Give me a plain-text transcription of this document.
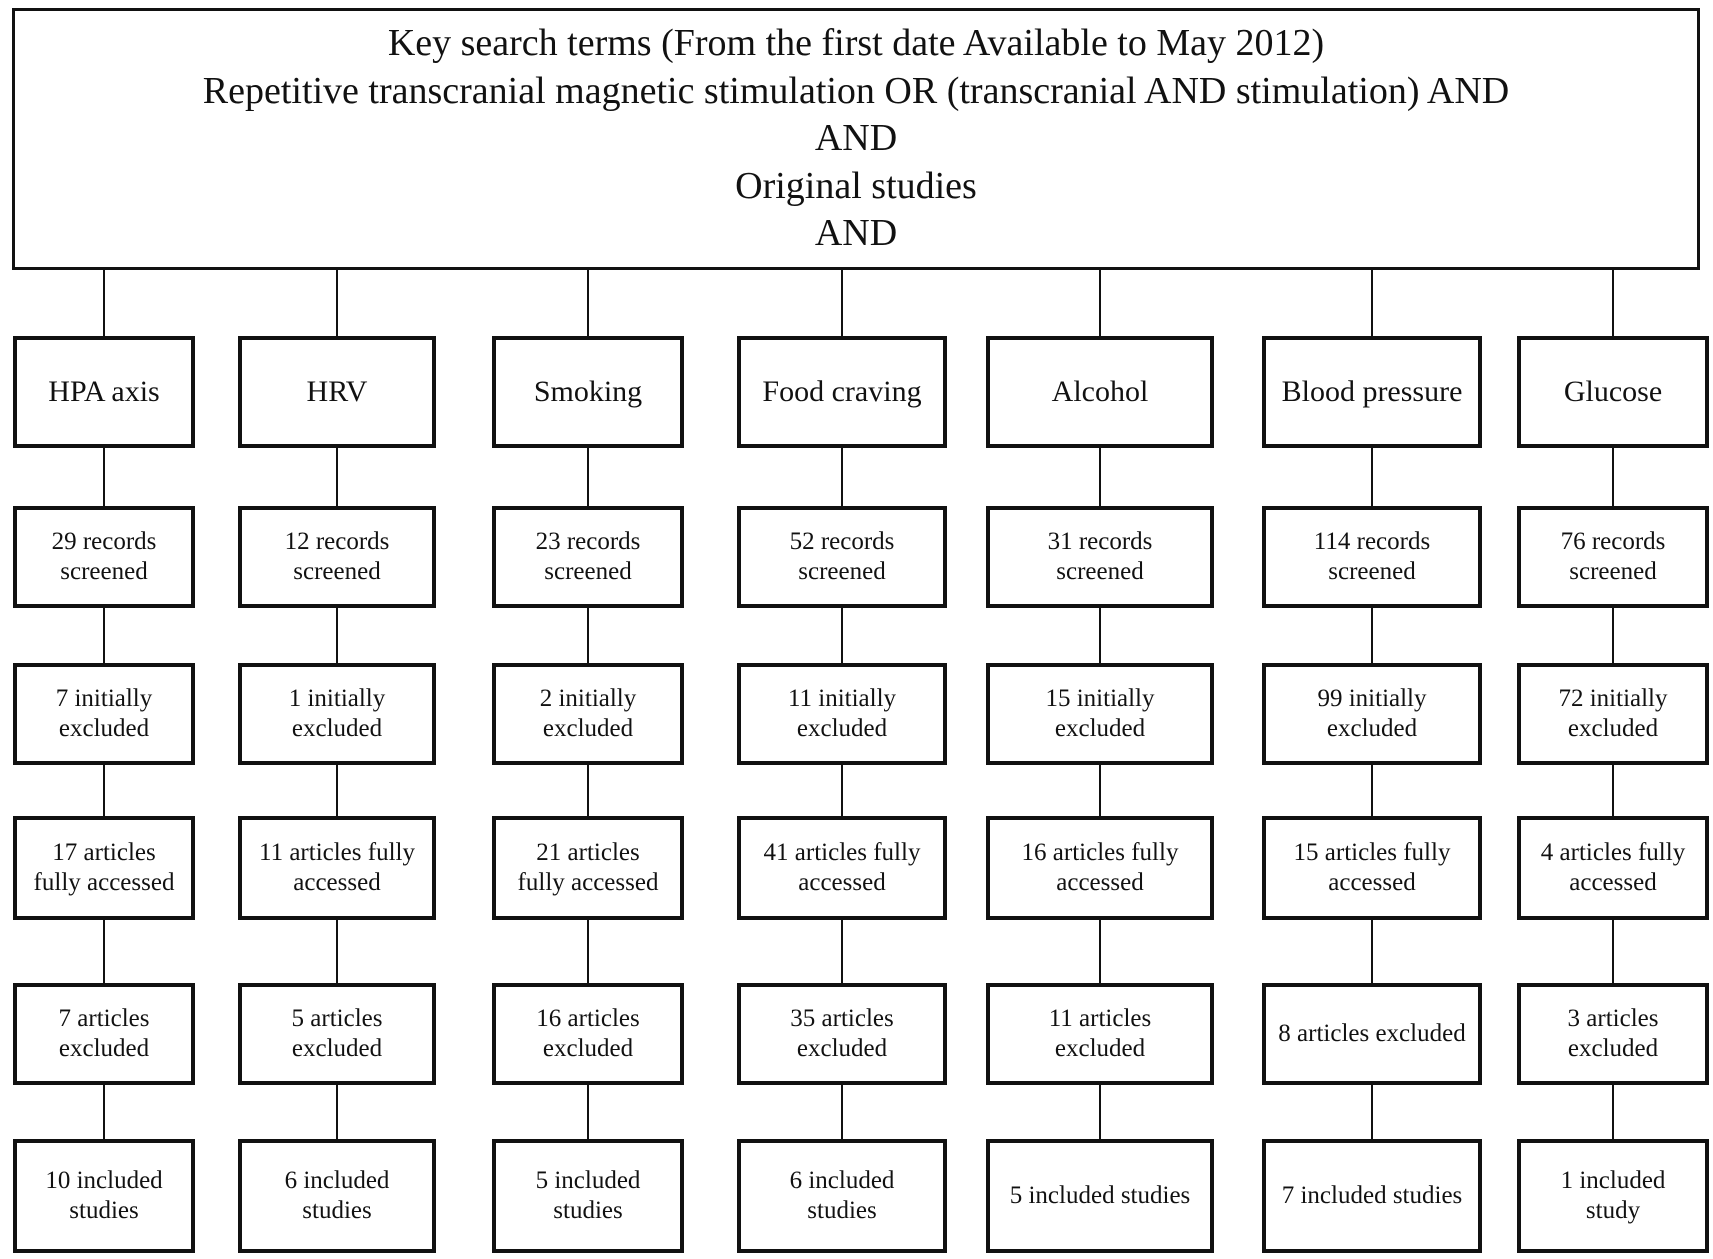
Key search terms (From the first date Available to May 2012)
Repetitive transcranial magnetic stimulation OR (transcranial AND stimulation) AND
AND
Original studies
AND
HPA axis
29 records
screened
7 initially
excluded
17 articles
fully accessed
7 articles
excluded
10 included
studies
HRV
12 records
screened
1 initially
excluded
11 articles fully
accessed
5 articles
excluded
6 included
studies
Smoking
23 records
screened
2 initially
excluded
21 articles
fully accessed
16 articles
excluded
5 included
studies
Food craving
52 records
screened
11 initially
excluded
41 articles fully
accessed
35 articles
excluded
6 included
studies
Alcohol
31 records
screened
15 initially
excluded
16 articles fully
accessed
11 articles
excluded
5 included studies
Blood pressure
114 records
screened
99 initially
excluded
15 articles fully
accessed
8 articles excluded
7 included studies
Glucose
76 records
screened
72 initially
excluded
4 articles fully
accessed
3 articles
excluded
1 included
study
